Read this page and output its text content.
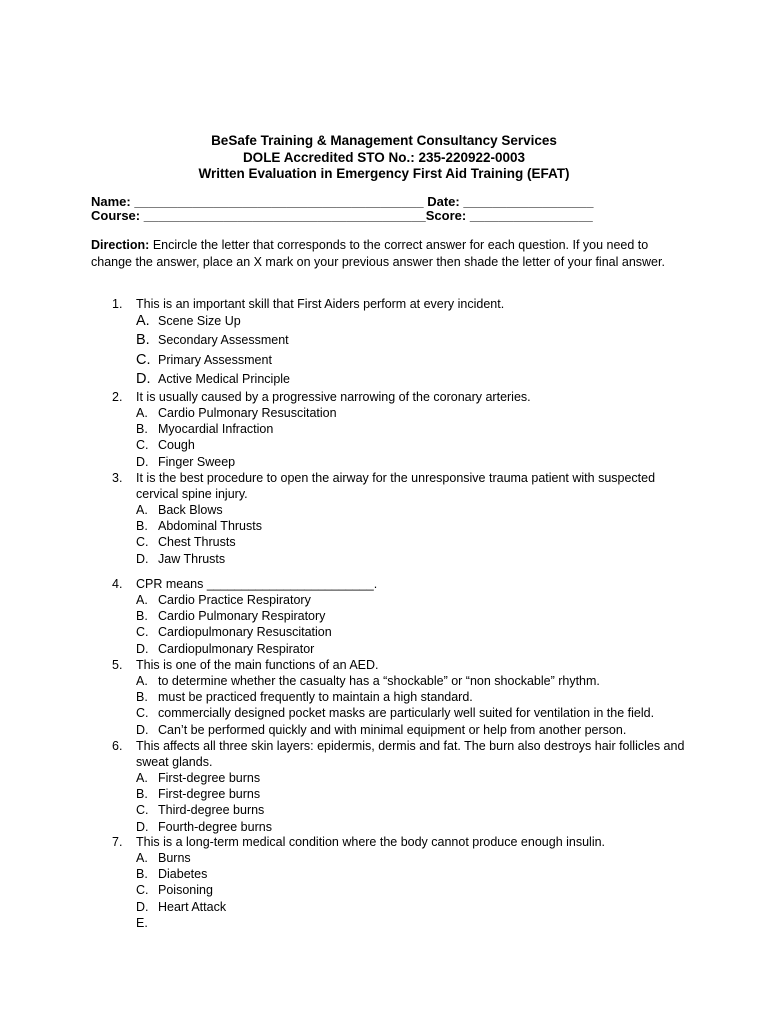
BeSafe Training & Management Consultancy Services
DOLE Accredited STO No.: 235-220922-0003
Written Evaluation in Emergency First Aid Training (EFAT)
Name: ________________________________________ Date: __________________
Course: _______________________________________Score: _________________
Direction: Encircle the letter that corresponds to the correct answer for each question. If you need to change the answer, place an X mark on your previous answer then shade the letter of your final answer.
1. This is an important skill that First Aiders perform at every incident.
A. Scene Size Up
B. Secondary Assessment
C. Primary Assessment
D. Active Medical Principle
2. It is usually caused by a progressive narrowing of the coronary arteries.
A. Cardio Pulmonary Resuscitation
B. Myocardial Infraction
C. Cough
D. Finger Sweep
3. It is the best procedure to open the airway for the unresponsive trauma patient with suspected cervical spine injury.
A. Back Blows
B. Abdominal Thrusts
C. Chest Thrusts
D. Jaw Thrusts
4. CPR means ________________________.
A. Cardio Practice Respiratory
B. Cardio Pulmonary Respiratory
C. Cardiopulmonary Resuscitation
D. Cardiopulmonary Respirator
5. This is one of the main functions of an AED.
A. to determine whether the casualty has a “shockable” or “non shockable” rhythm.
B. must be practiced frequently to maintain a high standard.
C. commercially designed pocket masks are particularly well suited for ventilation in the field.
D. Can’t be performed quickly and with minimal equipment or help from another person.
6. This affects all three skin layers: epidermis, dermis and fat. The burn also destroys hair follicles and sweat glands.
A. First-degree burns
B. First-degree burns
C. Third-degree burns
D. Fourth-degree burns
7. This is a long-term medical condition where the body cannot produce enough insulin.
A. Burns
B. Diabetes
C. Poisoning
D. Heart Attack
E.
